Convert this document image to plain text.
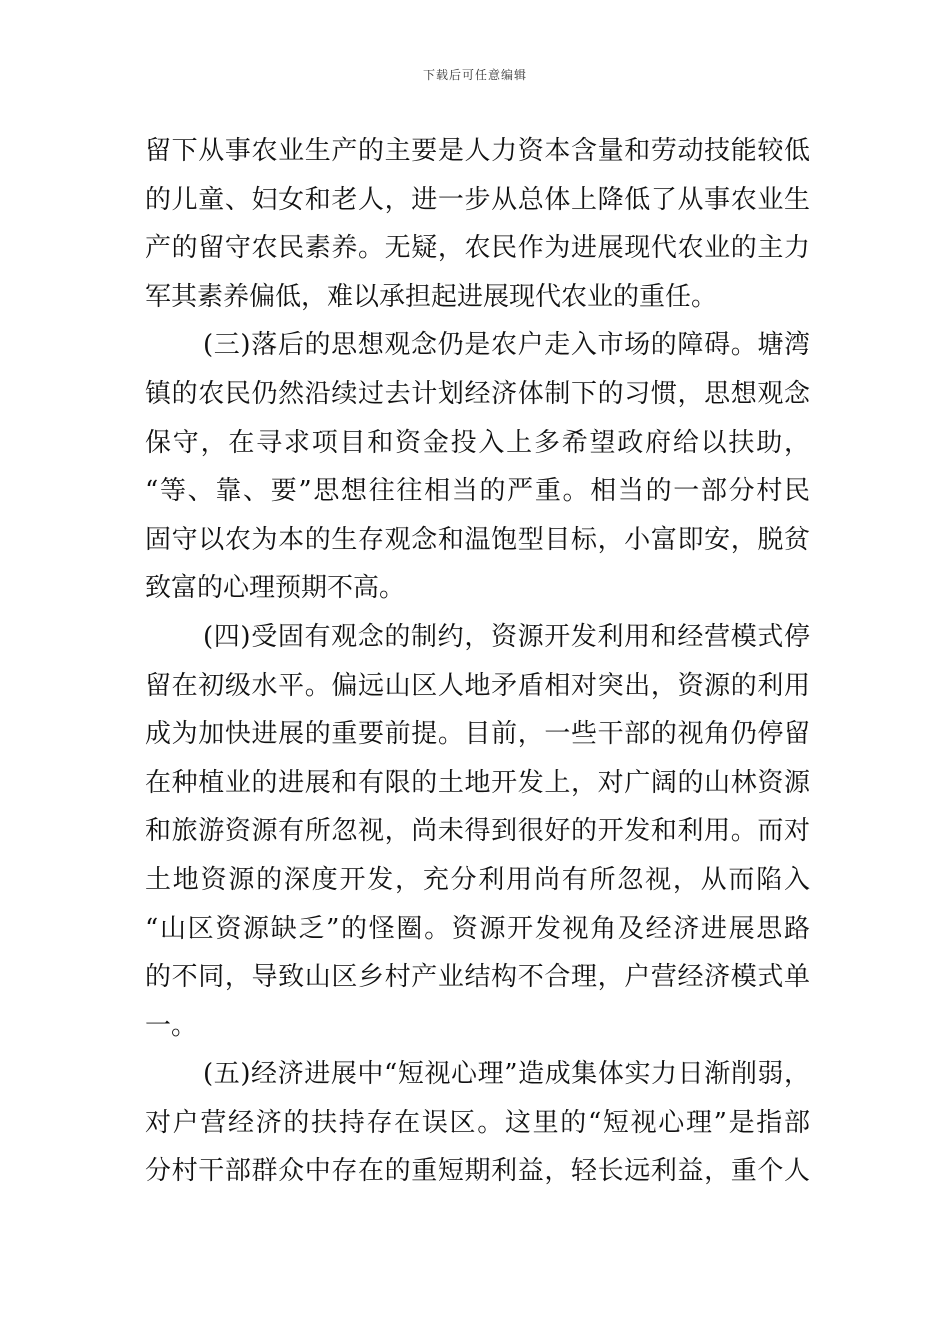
下载后可任意编辑
留下从事农业生产的主要是人力资本含量和劳动技能较低
的儿童、妇女和老人，进一步从总体上降低了从事农业生
产的留守农民素养。无疑，农民作为进展现代农业的主力
军其素养偏低，难以承担起进展现代农业的重任。
(三)落后的思想观念仍是农户走入市场的障碍。塘湾
镇的农民仍然沿续过去计划经济体制下的习惯，思想观念
保守，在寻求项目和资金投入上多希望政府给以扶助，
“等、靠、要”思想往往相当的严重。相当的一部分村民
固守以农为本的生存观念和温饱型目标，小富即安，脱贫
致富的心理预期不高。
(四)受固有观念的制约，资源开发利用和经营模式停
留在初级水平。偏远山区人地矛盾相对突出，资源的利用
成为加快进展的重要前提。目前，一些干部的视角仍停留
在种植业的进展和有限的土地开发上，对广阔的山林资源
和旅游资源有所忽视，尚未得到很好的开发和利用。而对
土地资源的深度开发，充分利用尚有所忽视，从而陷入
“山区资源缺乏”的怪圈。资源开发视角及经济进展思路
的不同，导致山区乡村产业结构不合理，户营经济模式单
一。
(五)经济进展中“短视心理”造成集体实力日渐削弱，
对户营经济的扶持存在误区。这里的“短视心理”是指部
分村干部群众中存在的重短期利益，轻长远利益，重个人
